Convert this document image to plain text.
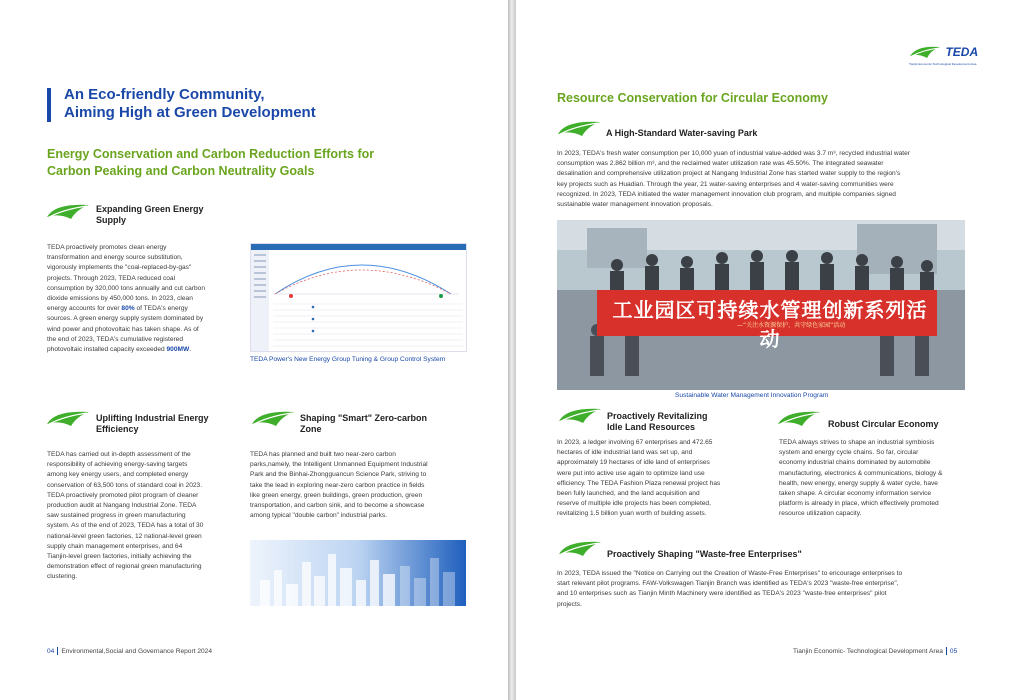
An Eco-friendly Community,
Aiming High at Green Development
Energy Conservation and Carbon Reduction Efforts for
Carbon Peaking and Carbon Neutrality Goals
Expanding Green Energy
Supply
TEDA proactively promotes clean energy
transformation and energy source substitution,
vigorously implements the "coal-replaced-by-gas"
projects. Through 2023, TEDA reduced coal
consumption by 320,000 tons annually and cut carbon
dioxide emissions by 450,000 tons. In 2023, clean
energy accounts for over 80% of TEDA's energy
sources. A green energy supply system dominated by
wind power and photovoltaic has taken shape. As of
the end of 2023, TEDA's cumulative registered
photovoltaic installed capacity exceeded 900MW.
TEDA Power's New Energy Group Tuning & Group Control System
Uplifting Industrial Energy
Efficiency
TEDA has carried out in-depth assessment of the
responsibility of achieving energy-saving targets
among key energy users, and completed energy
conservation of 63,500 tons of standard coal in 2023.
TEDA proactively promoted pilot program of cleaner
production audit at Nangang Industrial Zone. TEDA
saw sustained progress in green manufacturing
system. As of the end of 2023, TEDA has a total of 30
national-level green factories, 12 national-level green
supply chain management enterprises, and 64
Tianjin-level green factories, initially achieving the
demonstration effect of regional green manufacturing
clustering.
Shaping "Smart" Zero-carbon
Zone
TEDA has planned and built two near-zero carbon
parks,namely, the Intelligent Unmanned Equipment Industrial
Park and the Binhai-Zhongguancun Science Park, striving to
take the lead in exploring near-zero carbon practice in fields
like green energy, green buildings, green production, green
transportation, and carbon sink, and to become a showcase
among typical "double carbon" industrial parks.
04 Environmental,Social and Governance Report 2024
TEDA
Tianjin Economic-Technological Development Area
Resource Conservation for Circular Economy
A High-Standard Water-saving Park
In 2023, TEDA's fresh water consumption per 10,000 yuan of industrial value-added was 3.7 m³, recycled industrial water
consumption was 2.862 billion m³, and the reclaimed water utilization rate was 45.50%. The integrated seawater
desalination and comprehensive utilization project at Nangang Industrial Zone has started water supply to the region's
key projects such as Huadian. Through the year, 21 water-saving enterprises and 4 water-saving communities were
recognized. In 2023, TEDA initiated the water management innovation club program, and multiple companies signed
sustainable water management innovation proposals.
工业园区可持续水管理创新系列活动
—“关注水资源保护，共守绿色家园”活动
Sustainable Water Management Innovation Program
Proactively Revitalizing
Idle Land Resources
In 2023, a ledger involving 67 enterprises and 472.65
hectares of idle industrial land was set up, and
approximately 19 hectares of idle land of enterprises
were put into active use again to optimize land use
efficiency. The TEDA Fashion Plaza renewal project has
been fully launched, and the land acquisition and
reserve of multiple idle projects has been completed,
revitalizing 1.5 billion yuan worth of building assets.
Robust Circular Economy
TEDA always strives to shape an industrial symbiosis
system and energy cycle chains. So far, circular
economy industrial chains dominated by automobile
manufacturing, electronics & communications, biology &
health, new energy, energy supply & water cycle, have
taken shape. A circular economy information service
platform is already in place, which effectively promoted
resource utilization capacity.
Proactively Shaping "Waste-free Enterprises"
In 2023, TEDA issued the "Notice on Carrying out the Creation of Waste-Free Enterprises" to encourage enterprises to
start relevant pilot programs. FAW-Volkswagen Tianjin Branch was identified as TEDA's 2023 "waste-free enterprise",
and 10 enterprises such as Tianjin Minth Machinery were identified as TEDA's 2023 "waste-free enterprises" pilot
projects.
Tianjin Economic- Technological Development Area 05
